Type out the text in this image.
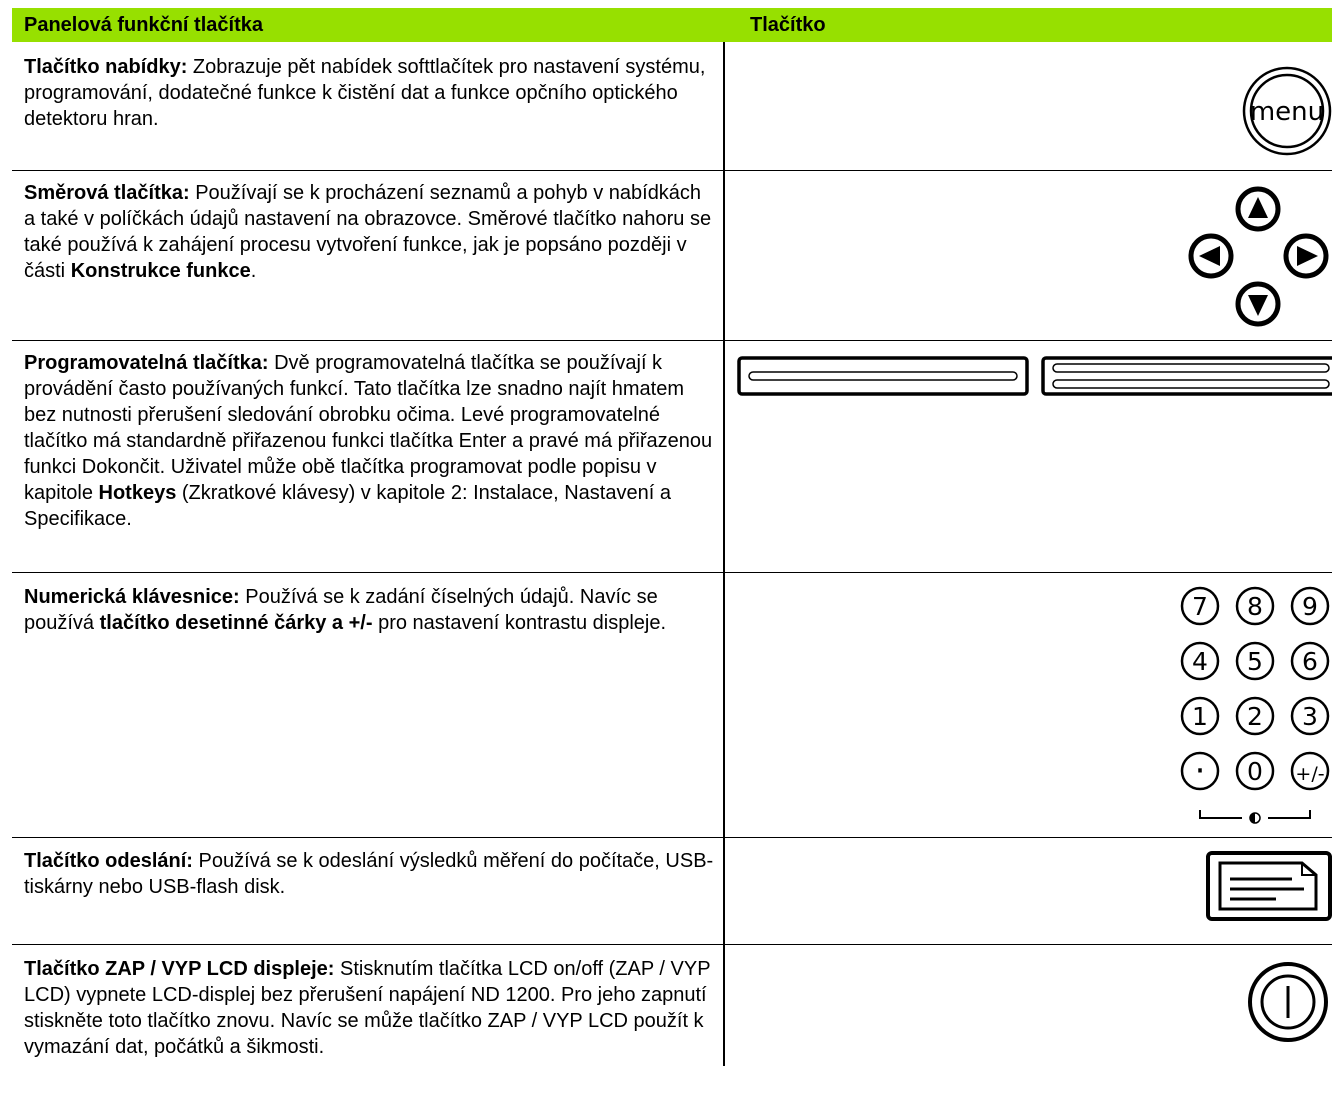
Panelová funkční tlačítka	Tlačítko
Tlačítko nabídky: Zobrazuje pět nabídek softtlačítek pro nastavení systému, programování, dodatečné funkce k čistění dat a funkce opčního optického detektoru hran.	menu
Směrová tlačítka: Používají se k procházení seznamů a pohyb v nabídkách a také v políčkách údajů nastavení na obrazovce. Směrové tlačítko nahoru se také používá k zahájení procesu vytvoření funkce, jak je popsáno později v části Konstrukce funkce.
Programovatelná tlačítka: Dvě programovatelná tlačítka se používají k provádění často používaných funkcí. Tato tlačítka lze snadno najít hmatem bez nutnosti přerušení sledování obrobku očima. Levé programovatelné tlačítko má standardně přiřazenou funkci tlačítka Enter a pravé má přiřazenou funkci Dokončit. Uživatel může obě tlačítka programovat podle popisu v kapitole Hotkeys (Zkratkové klávesy) v kapitole 2: Instalace, Nastavení a Specifikace.
Numerická klávesnice: Používá se k zadání číselných údajů. Navíc se používá tlačítko desetinné čárky a +/- pro nastavení kontrastu displeje.
7 8 9
4 5 6
1 2 3
· 0 +/-
Tlačítko odeslání: Používá se k odeslání výsledků měření do počítače, USB-tiskárny nebo USB-flash disk.
Tlačítko ZAP / VYP LCD displeje: Stisknutím tlačítka LCD on/off (ZAP / VYP LCD) vypnete LCD-displej bez přerušení napájení ND 1200. Pro jeho zapnutí stiskněte toto tlačítko znovu. Navíc se může tlačítko ZAP / VYP LCD použít k vymazání dat, počátků a šikmosti.
